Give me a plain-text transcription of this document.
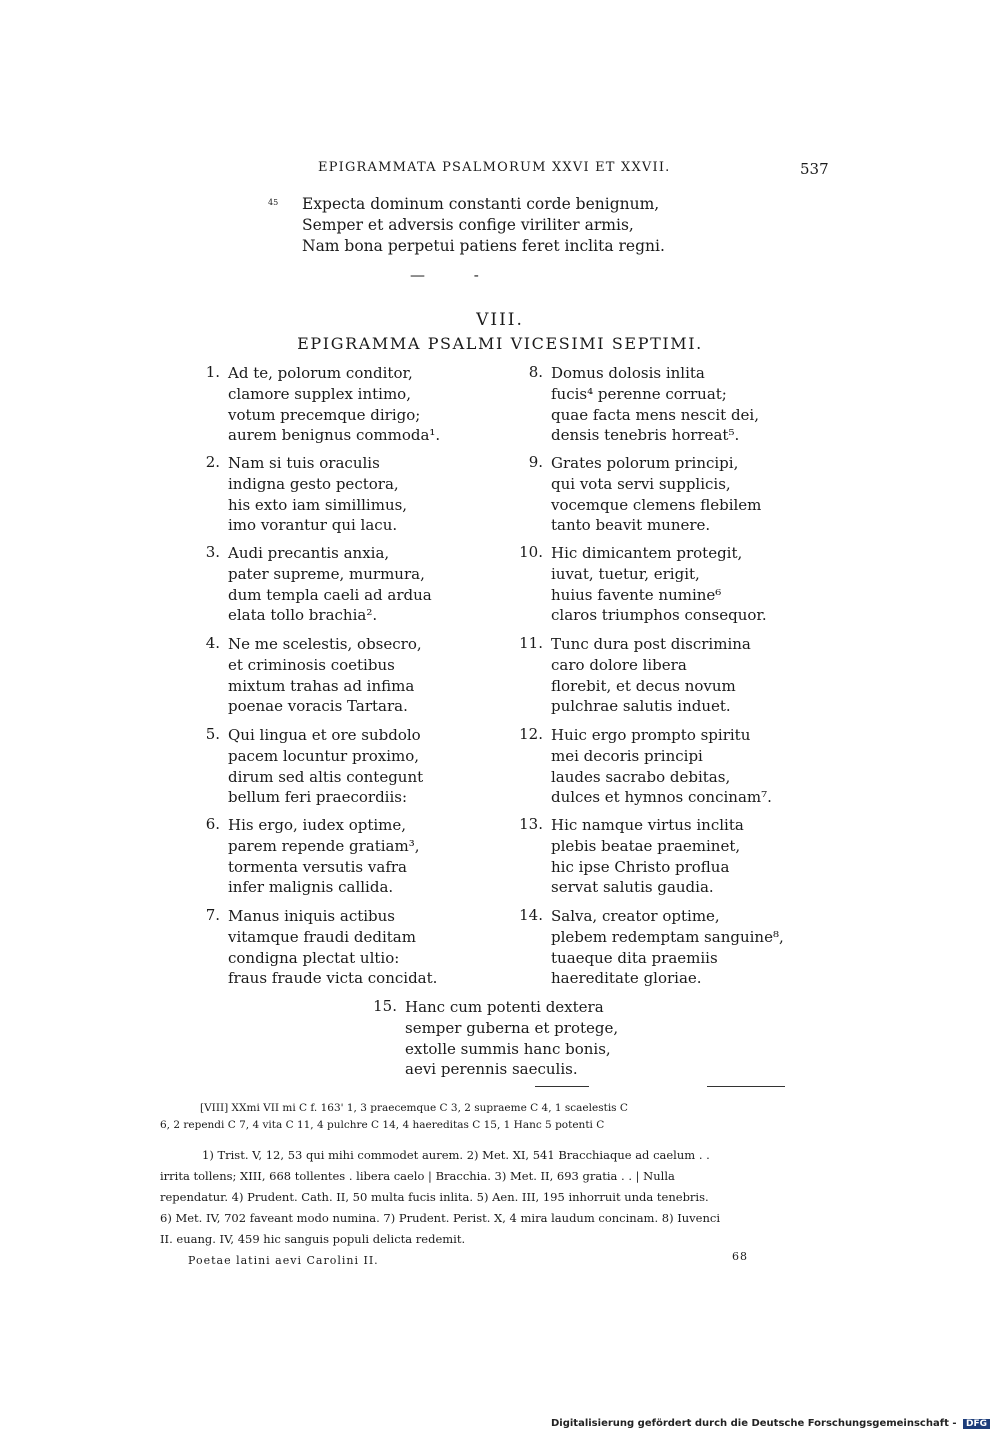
EPIGRAMMATA PSALMORUM XXVI ET XXVII.	537
45 Expecta dominum constanti corde benignum,
Semper et adversis confige viriliter armis,
Nam bona perpetui patiens feret inclita regni.
— -
VIII.
EPIGRAMMA PSALMI VICESIMI SEPTIMI.
1. Ad te, polorum conditor,
clamore supplex intimo,
votum precemque dirigo;
aurem benignus commoda¹.
2. Nam si tuis oraculis
indigna gesto pectora,
his exto iam simillimus,
imo vorantur qui lacu.
3. Audi precantis anxia,
pater supreme, murmura,
dum templa caeli ad ardua
elata tollo brachia².
4. Ne me scelestis, obsecro,
et criminosis coetibus
mixtum trahas ad infima
poenae voracis Tartara.
5. Qui lingua et ore subdolo
pacem locuntur proximo,
dirum sed altis contegunt
bellum feri praecordiis:
6. His ergo, iudex optime,
parem repende gratiam³,
tormenta versutis vafra
infer malignis callida.
7. Manus iniquis actibus
vitamque fraudi deditam
condigna plectat ultio:
fraus fraude victa concidat.
8. Domus dolosis inlita
fucis⁴ perenne corruat;
quae facta mens nescit dei,
densis tenebris horreat⁵.
9. Grates polorum principi,
qui vota servi supplicis,
vocemque clemens flebilem
tanto beavit munere.
10. Hic dimicantem protegit,
iuvat, tuetur, erigit,
huius favente numine⁶
claros triumphos consequor.
11. Tunc dura post discrimina
caro dolore libera
florebit, et decus novum
pulchrae salutis induet.
12. Huic ergo prompto spiritu
mei decoris principi
laudes sacrabo debitas,
dulces et hymnos concinam⁷.
13. Hic namque virtus inclita
plebis beatae praeminet,
hic ipse Christo proflua
servat salutis gaudia.
14. Salva, creator optime,
plebem redemptam sanguine⁸,
tuaeque dita praemiis
haereditate gloriae.
15. Hanc cum potenti dextera
semper guberna et protege,
extolle summis hanc bonis,
aevi perennis saeculis.
[VIII] XXmi VII mi C f. 163' 1, 3 praecemque C 3, 2 supraeme C 4, 1 scaelestis C
6, 2 rependi C 7, 4 vita C 11, 4 pulchre C 14, 4 haereditas C 15, 1 Hanc 5 potenti C
1) Trist. V, 12, 53 qui mihi commodet aurem. 2) Met. XI, 541 Bracchiaque ad caelum . .
irrita tollens; XIII, 668 tollentes . libera caelo | Bracchia. 3) Met. II, 693 gratia . . | Nulla
rependatur. 4) Prudent. Cath. II, 50 multa fucis inlita. 5) Aen. III, 195 inhorruit unda tenebris.
6) Met. IV, 702 faveant modo numina. 7) Prudent. Perist. X, 4 mira laudum concinam. 8) Iuvenci
II. euang. IV, 459 hic sanguis populi delicta redemit.
Poetae latini aevi Carolini II.	68
Digitalisierung gefördert durch die Deutsche Forschungsgemeinschaft - DFG
